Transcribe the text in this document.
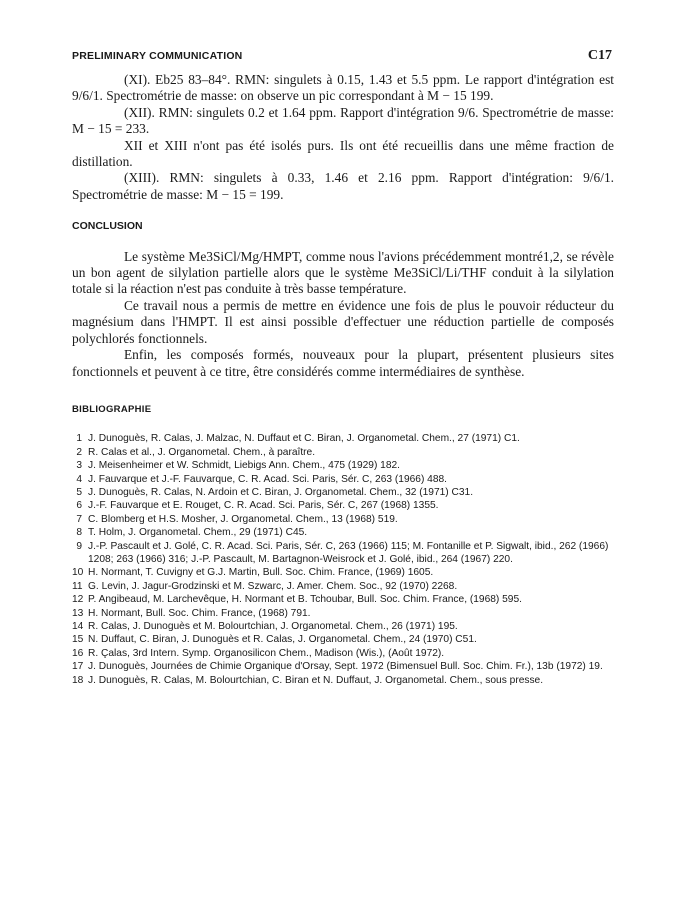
PRELIMINARY COMMUNICATION	C17

(XI). Eb25 83–84°. RMN: singulets à 0.15, 1.43 et 5.5 ppm. Le rapport d'intégration est 9/6/1. Spectrométrie de masse: on observe un pic correspondant à M − 15 199.

(XII). RMN: singulets 0.2 et 1.64 ppm. Rapport d'intégration 9/6. Spectrométrie de masse: M − 15 = 233.

XII et XIII n'ont pas été isolés purs. Ils ont été recueillis dans une même fraction de distillation.

(XIII). RMN: singulets à 0.33, 1.46 et 2.16 ppm. Rapport d'intégration: 9/6/1. Spectrométrie de masse: M − 15 = 199.

CONCLUSION

Le système Me3SiCl/Mg/HMPT, comme nous l'avions précédemment montré1,2, se révèle un bon agent de silylation partielle alors que le système Me3SiCl/Li/THF conduit à la silylation totale si la réaction n'est pas conduite à très basse température.

Ce travail nous a permis de mettre en évidence une fois de plus le pouvoir réducteur du magnésium dans l'HMPT. Il est ainsi possible d'effectuer une réduction partielle de composés polychlorés fonctionnels.

Enfin, les composés formés, nouveaux pour la plupart, présentent plusieurs sites fonctionnels et peuvent à ce titre, être considérés comme intermédiaires de synthèse.

BIBLIOGRAPHIE
1 J. Dunoguès, R. Calas, J. Malzac, N. Duffaut et C. Biran, J. Organometal. Chem., 27 (1971) C1.
2 R. Calas et al., J. Organometal. Chem., à paraître.
3 J. Meisenheimer et W. Schmidt, Liebigs Ann. Chem., 475 (1929) 182.
4 J. Fauvarque et J.-F. Fauvarque, C. R. Acad. Sci. Paris, Sér. C, 263 (1966) 488.
5 J. Dunoguès, R. Calas, N. Ardoin et C. Biran, J. Organometal. Chem., 32 (1971) C31.
6 J.-F. Fauvarque et E. Rouget, C. R. Acad. Sci. Paris, Sér. C, 267 (1968) 1355.
7 C. Blomberg et H.S. Mosher, J. Organometal. Chem., 13 (1968) 519.
8 T. Holm, J. Organometal. Chem., 29 (1971) C45.
9 J.-P. Pascault et J. Golé, C. R. Acad. Sci. Paris, Sér. C, 263 (1966) 115; M. Fontanille et P. Sigwalt, ibid., 262 (1966) 1208; 263 (1966) 316; J.-P. Pascault, M. Bartagnon-Weisrock et J. Golé, ibid., 264 (1967) 220.
10 H. Normant, T. Cuvigny et G.J. Martin, Bull. Soc. Chim. France, (1969) 1605.
11 G. Levin, J. Jagur-Grodzinski et M. Szwarc, J. Amer. Chem. Soc., 92 (1970) 2268.
12 P. Angibeaud, M. Larchevêque, H. Normant et B. Tchoubar, Bull. Soc. Chim. France, (1968) 595.
13 H. Normant, Bull. Soc. Chim. France, (1968) 791.
14 R. Calas, J. Dunoguès et M. Bolourtchian, J. Organometal. Chem., 26 (1971) 195.
15 N. Duffaut, C. Biran, J. Dunoguès et R. Calas, J. Organometal. Chem., 24 (1970) C51.
16 R. Çalas, 3rd Intern. Symp. Organosilicon Chem., Madison (Wis.), (Août 1972).
17 J. Dunoguès, Journées de Chimie Organique d'Orsay, Sept. 1972 (Bimensuel Bull. Soc. Chim. Fr.), 13b (1972) 19.
18 J. Dunoguès, R. Calas, M. Bolourtchian, C. Biran et N. Duffaut, J. Organometal. Chem., sous presse.
